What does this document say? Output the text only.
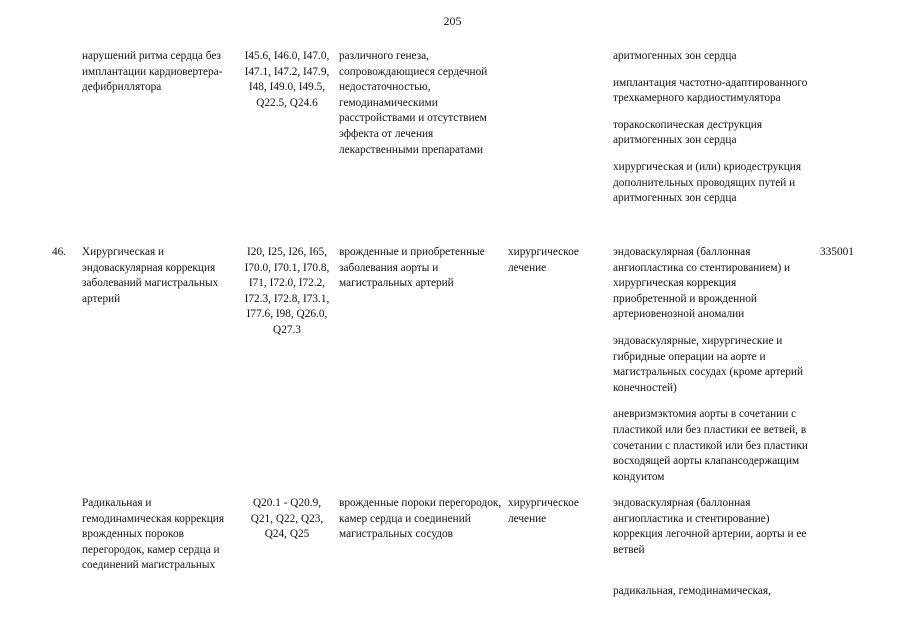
205
нарушений ритма сердца без имплантации кардиовертера-дефибриллятора
I45.6, I46.0, I47.0, I47.1, I47.2, I47.9, I48, I49.0, I49.5, Q22.5, Q24.6
различного генеза, сопровождающиеся сердечной недостаточностью, гемодинамическими расстройствами и отсутствием эффекта от лечения лекарственными препаратами
аритмогенных зон сердца
имплантация частотно-адаптированного трехкамерного кардиостимулятора
торакоскопическая деструкция аритмогенных зон сердца
хирургическая и (или) криодеструкция дополнительных проводящих путей и аритмогенных зон сердца
46.	Хирургическая и эндоваскулярная коррекция заболеваний магистральных артерий
I20, I25, I26, I65, I70.0, I70.1, I70.8, I71, I72.0, I72.2, I72.3, I72.8, I73.1, I77.6, I98, Q26.0, Q27.3
врожденные и приобретенные заболевания аорты и магистральных артерий
хирургическое лечение
эндоваскулярная (баллонная ангиопластика со стентированием) и хирургическая коррекция приобретенной и врожденной артериовенозной аномалии
эндоваскулярные, хирургические и гибридные операции на аорте и магистральных сосудах (кроме артерий конечностей)
аневризмэктомия аорты в сочетании с пластикой или без пластики ее ветвей, в сочетании с пластикой или без пластики восходящей аорты клапансодержащим кондуитом
335001
Радикальная и гемодинамическая коррекция врожденных пороков перегородок, камер сердца и соединений магистральных
Q20.1 - Q20.9, Q21, Q22, Q23, Q24, Q25
врожденные пороки перегородок, камер сердца и соединений магистральных сосудов
хирургическое лечение
эндоваскулярная (баллонная ангиопластика и стентирование) коррекция легочной артерии, аорты и ее ветвей
радикальная, гемодинамическая,
